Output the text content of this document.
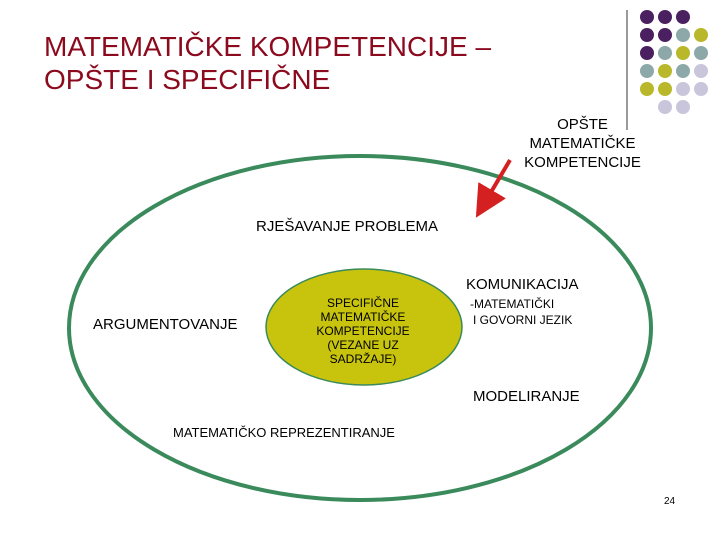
MATEMATIČKE KOMPETENCIJE –
OPŠTE I SPECIFIČNE
OPŠTE
MATEMATIČKE
KOMPETENCIJE
RJEŠAVANJE PROBLEMA
KOMUNIKACIJA
-MATEMATIČKI
I GOVORNI JEZIK
ARGUMENTOVANJE
SPECIFIČNE MATEMATIČKE KOMPETENCIJE (VEZANE UZ SADRŽAJE)
MODELIRANJE
MATEMATIČKO REPREZENTIRANJE
24
